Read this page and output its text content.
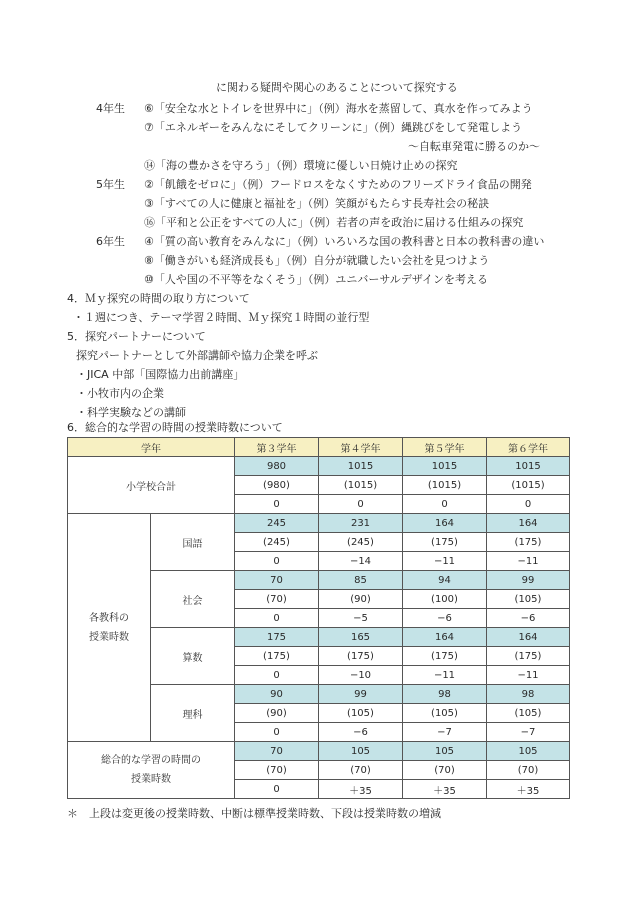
に関わる疑問や関心のあることについて探究する
4年生 ⑥「安全な水とトイレを世界中に」（例）海水を蒸留して、真水を作ってみよう
⑦「エネルギーをみんなにそしてクリーンに」（例）縄跳びをして発電しよう
〜自転車発電に勝るのか〜
⑭「海の豊かさを守ろう」（例）環境に優しい日焼け止めの探究
5年生 ②「飢餓をゼロに」（例）フードロスをなくすためのフリーズドライ食品の開発
③「すべての人に健康と福祉を」（例）笑顔がもたらす長寿社会の秘訣
⑯「平和と公正をすべての人に」（例）若者の声を政治に届ける仕組みの探究
6年生 ④「質の高い教育をみんなに」（例）いろいろな国の教科書と日本の教科書の違い
⑧「働きがいも経済成長も」（例）自分が就職したい会社を見つけよう
⑩「人や国の不平等をなくそう」（例）ユニバーサルデザインを考える
4．Ｍｙ探究の時間の取り方について
・１週につき、テーマ学習２時間、Ｍｙ探究１時間の並行型
5．探究パートナーについて
探究パートナーとして外部講師や協力企業を呼ぶ
・JICA 中部「国際協力出前講座」
・小牧市内の企業
・科学実験などの講師
6．総合的な学習の時間の授業時数について
学年		第３学年	第４学年	第５学年	第６学年
小学校合計		980	1015	1015	1015
		(980)	(1015)	(1015)	(1015)
		0	0	0	0
各教科の
授業時数	国語	245	231	164	164
		(245)	(245)	(175)	(175)
		0	−14	−11	−11
	社会	70	85	94	99
		(70)	(90)	(100)	(105)
		0	−5	−6	−6
	算数	175	165	164	164
		(175)	(175)	(175)	(175)
		0	−10	−11	−11
	理科	90	99	98	98
		(90)	(105)	(105)	(105)
		0	−6	−7	−7
総合的な学習の時間の
授業時数		70	105	105	105
		(70)	(70)	(70)	(70)
		0	＋35	＋35	＋35
＊　上段は変更後の授業時数、中断は標準授業時数、下段は授業時数の増減
